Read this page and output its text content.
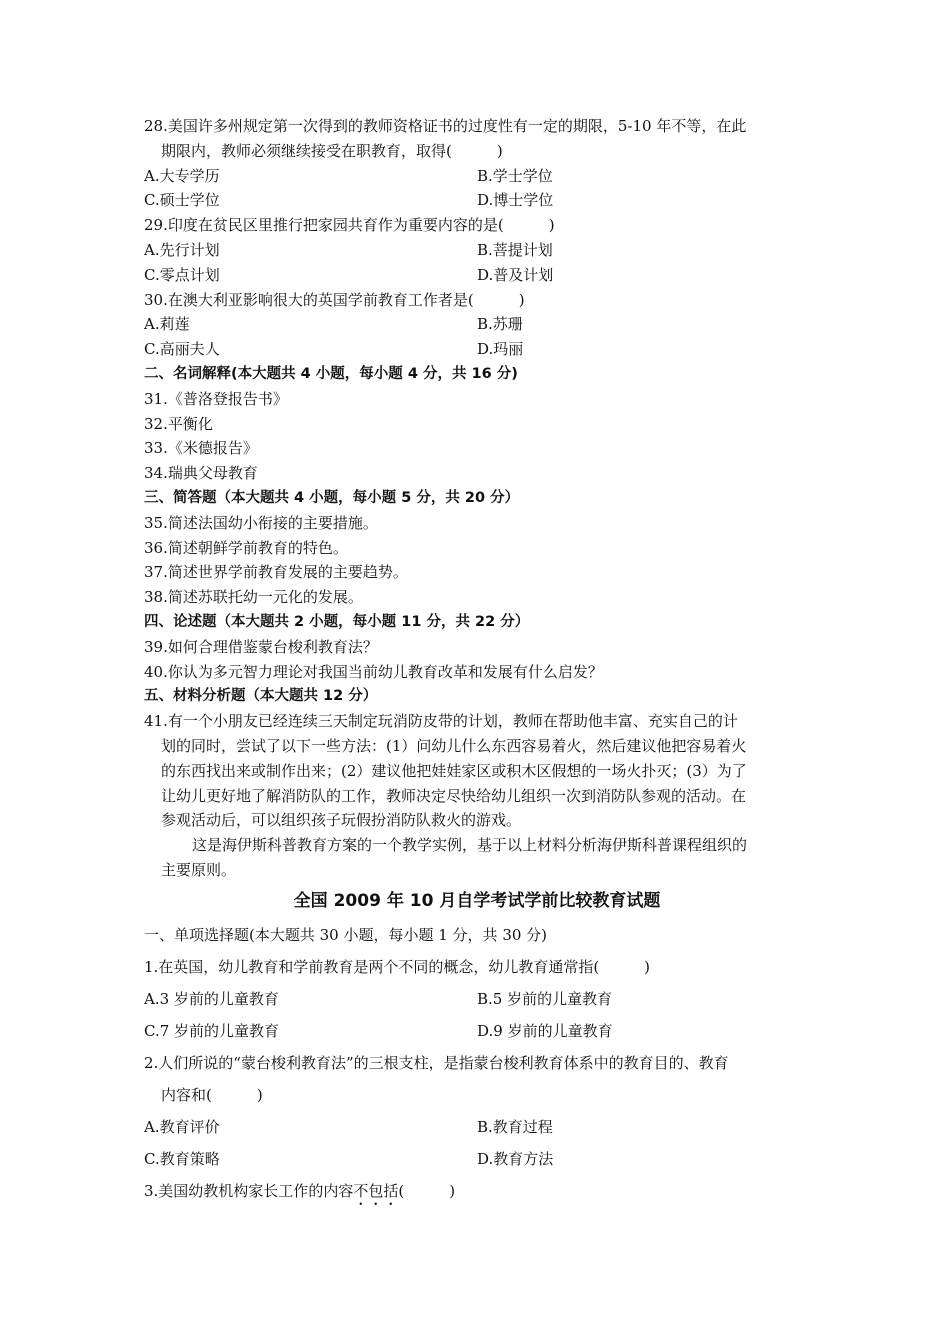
28.美国许多州规定第一次得到的教师资格证书的过度性有一定的期限，5-10 年不等，在此
期限内，教师必须继续接受在职教育，取得(　　　)
A.大专学历	B.学士学位
C.硕士学位	D.博士学位
29.印度在贫民区里推行把家园共育作为重要内容的是(　　　)
A.先行计划	B.菩提计划
C.零点计划	D.普及计划
30.在澳大利亚影响很大的英国学前教育工作者是(　　　)
A.莉莲	B.苏珊
C.高丽夫人	D.玛丽
二、名词解释(本大题共 4 小题，每小题 4 分，共 16 分)
31.《普洛登报告书》
32.平衡化
33.《米德报告》
34.瑞典父母教育
三、简答题（本大题共 4 小题，每小题 5 分，共 20 分）
35.简述法国幼小衔接的主要措施。
36.简述朝鲜学前教育的特色。
37.简述世界学前教育发展的主要趋势。
38.简述苏联托幼一元化的发展。
四、论述题（本大题共 2 小题，每小题 11 分，共 22 分）
39.如何合理借鉴蒙台梭利教育法？
40.你认为多元智力理论对我国当前幼儿教育改革和发展有什么启发？
五、材料分析题（本大题共 12 分）
41.有一个小朋友已经连续三天制定玩消防皮带的计划，教师在帮助他丰富、充实自己的计
划的同时，尝试了以下一些方法：(1）问幼儿什么东西容易着火，然后建议他把容易着火
的东西找出来或制作出来；(2）建议他把娃娃家区或积木区假想的一场火扑灭；(3）为了
让幼儿更好地了解消防队的工作，教师决定尽快给幼儿组织一次到消防队参观的活动。在
参观活动后，可以组织孩子玩假扮消防队救火的游戏。
这是海伊斯科普教育方案的一个教学实例，基于以上材料分析海伊斯科普课程组织的
主要原则。
全国 2009 年 10 月自学考试学前比较教育试题
一、单项选择题(本大题共 30 小题，每小题 1 分，共 30 分)
1.在英国，幼儿教育和学前教育是两个不同的概念，幼儿教育通常指(　　　)
A.3 岁前的儿童教育	B.5 岁前的儿童教育
C.7 岁前的儿童教育	D.9 岁前的儿童教育
2.人们所说的“蒙台梭利教育法”的三根支柱，是指蒙台梭利教育体系中的教育目的、教育
内容和(　　　)
A.教育评价	B.教育过程
C.教育策略	D.教育方法
3.美国幼教机构家长工作的内容不包括(　　　)
